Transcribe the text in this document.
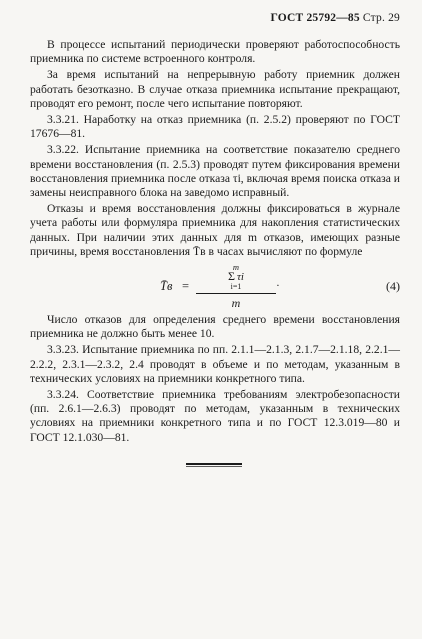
ГОСТ 25792—85 Стр. 29

В процессе испытаний периодически проверяют работоспособность приемника по системе встроенного контроля.

За время испытаний на непрерывную работу приемник должен работать безотказно. В случае отказа приемника испытание прекращают, проводят его ремонт, после чего испытание повторяют.

3.3.21. Наработку на отказ приемника (п. 2.5.2) проверяют по ГОСТ 17676—81.

3.3.22. Испытание приемника на соответствие показателю среднего времени восстановления (п. 2.5.3) проводят путем фиксирования времени восстановления приемника после отказа τi, включая время поиска отказа и замены неисправного блока на заведомо исправный.

Отказы и время восстановления должны фиксироваться в журнале учета работы или формуляра приемника для накопления статистических данных. При наличии этих данных для m отказов, имеющих разные причины, время восстановления T̄в в часах вычисляют по формуле

T̄в =
m
Σ τi
i=1
m
·	(4)

Число отказов для определения среднего времени восстановления приемника не должно быть менее 10.

3.3.23. Испытание приемника по пп. 2.1.1—2.1.3, 2.1.7—2.1.18, 2.2.1—2.2.2, 2.3.1—2.3.2, 2.4 проводят в объеме и по методам, указанным в технических условиях на приемники конкретного типа.

3.3.24. Соответствие приемника требованиям электробезопасности (пп. 2.6.1—2.6.3) проводят по методам, указанным в технических условиях на приемники конкретного типа и по ГОСТ 12.3.019—80 и ГОСТ 12.1.030—81.
